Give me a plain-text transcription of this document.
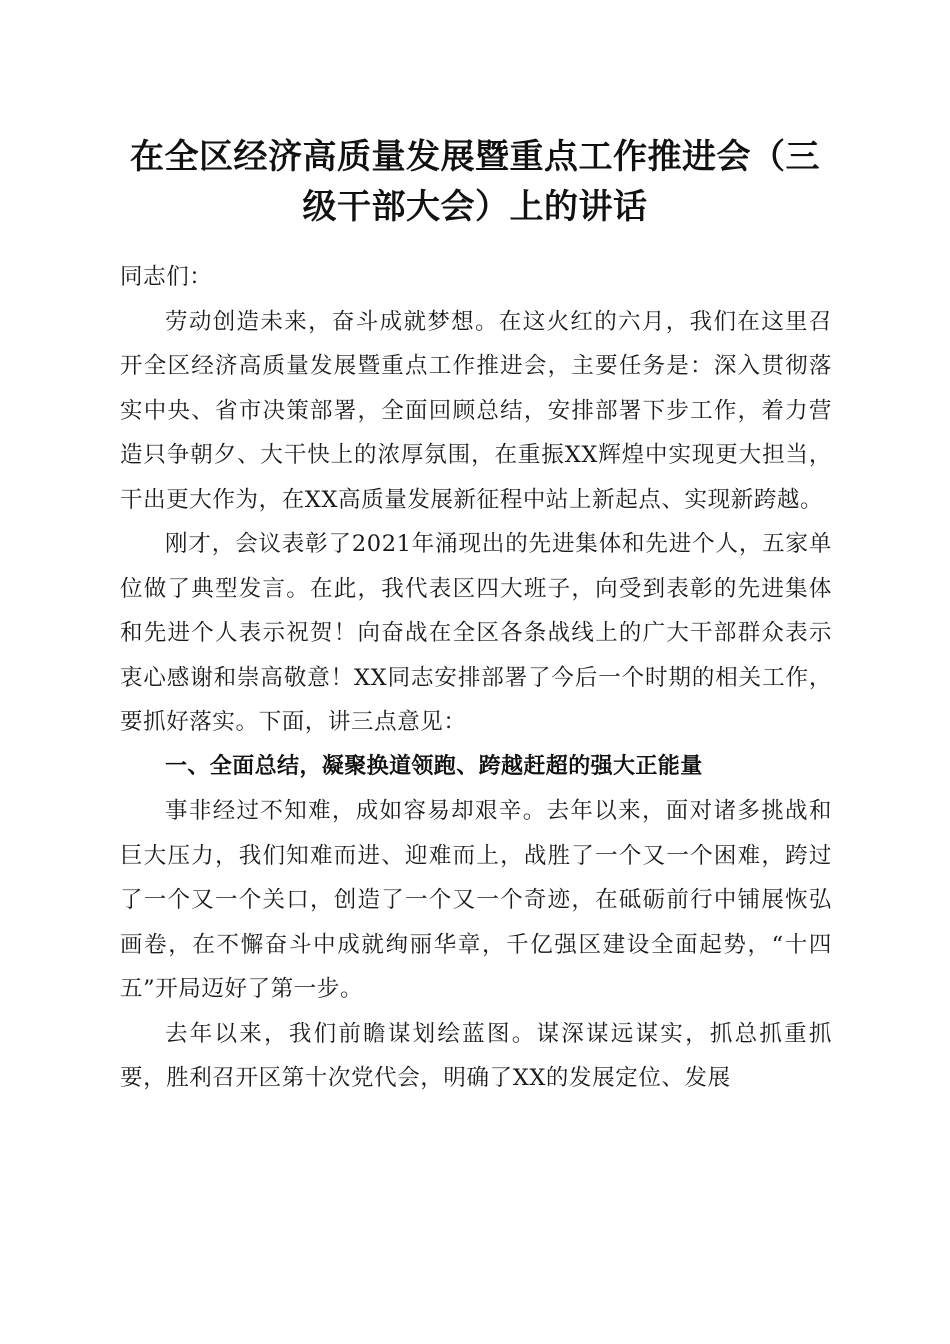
在全区经济高质量发展暨重点工作推进会（三
级干部大会）上的讲话

同志们：

劳动创造未来，奋斗成就梦想。在这火红的六月，我们在这里召开全区经济高质量发展暨重点工作推进会，主要任务是：深入贯彻落实中央、省市决策部署，全面回顾总结，安排部署下步工作，着力营造只争朝夕、大干快上的浓厚氛围，在重振XX辉煌中实现更大担当，干出更大作为，在XX高质量发展新征程中站上新起点、实现新跨越。

刚才，会议表彰了2021年涌现出的先进集体和先进个人，五家单位做了典型发言。在此，我代表区四大班子，向受到表彰的先进集体和先进个人表示祝贺！向奋战在全区各条战线上的广大干部群众表示衷心感谢和崇高敬意！XX同志安排部署了今后一个时期的相关工作，要抓好落实。下面，讲三点意见：

一、全面总结，凝聚换道领跑、跨越赶超的强大正能量

事非经过不知难，成如容易却艰辛。去年以来，面对诸多挑战和巨大压力，我们知难而进、迎难而上，战胜了一个又一个困难，跨过了一个又一个关口，创造了一个又一个奇迹，在砥砺前行中铺展恢弘画卷，在不懈奋斗中成就绚丽华章，千亿强区建设全面起势，“十四五”开局迈好了第一步。

去年以来，我们前瞻谋划绘蓝图。谋深谋远谋实，抓总抓重抓要，胜利召开区第十次党代会，明确了XX的发展定位、发展
